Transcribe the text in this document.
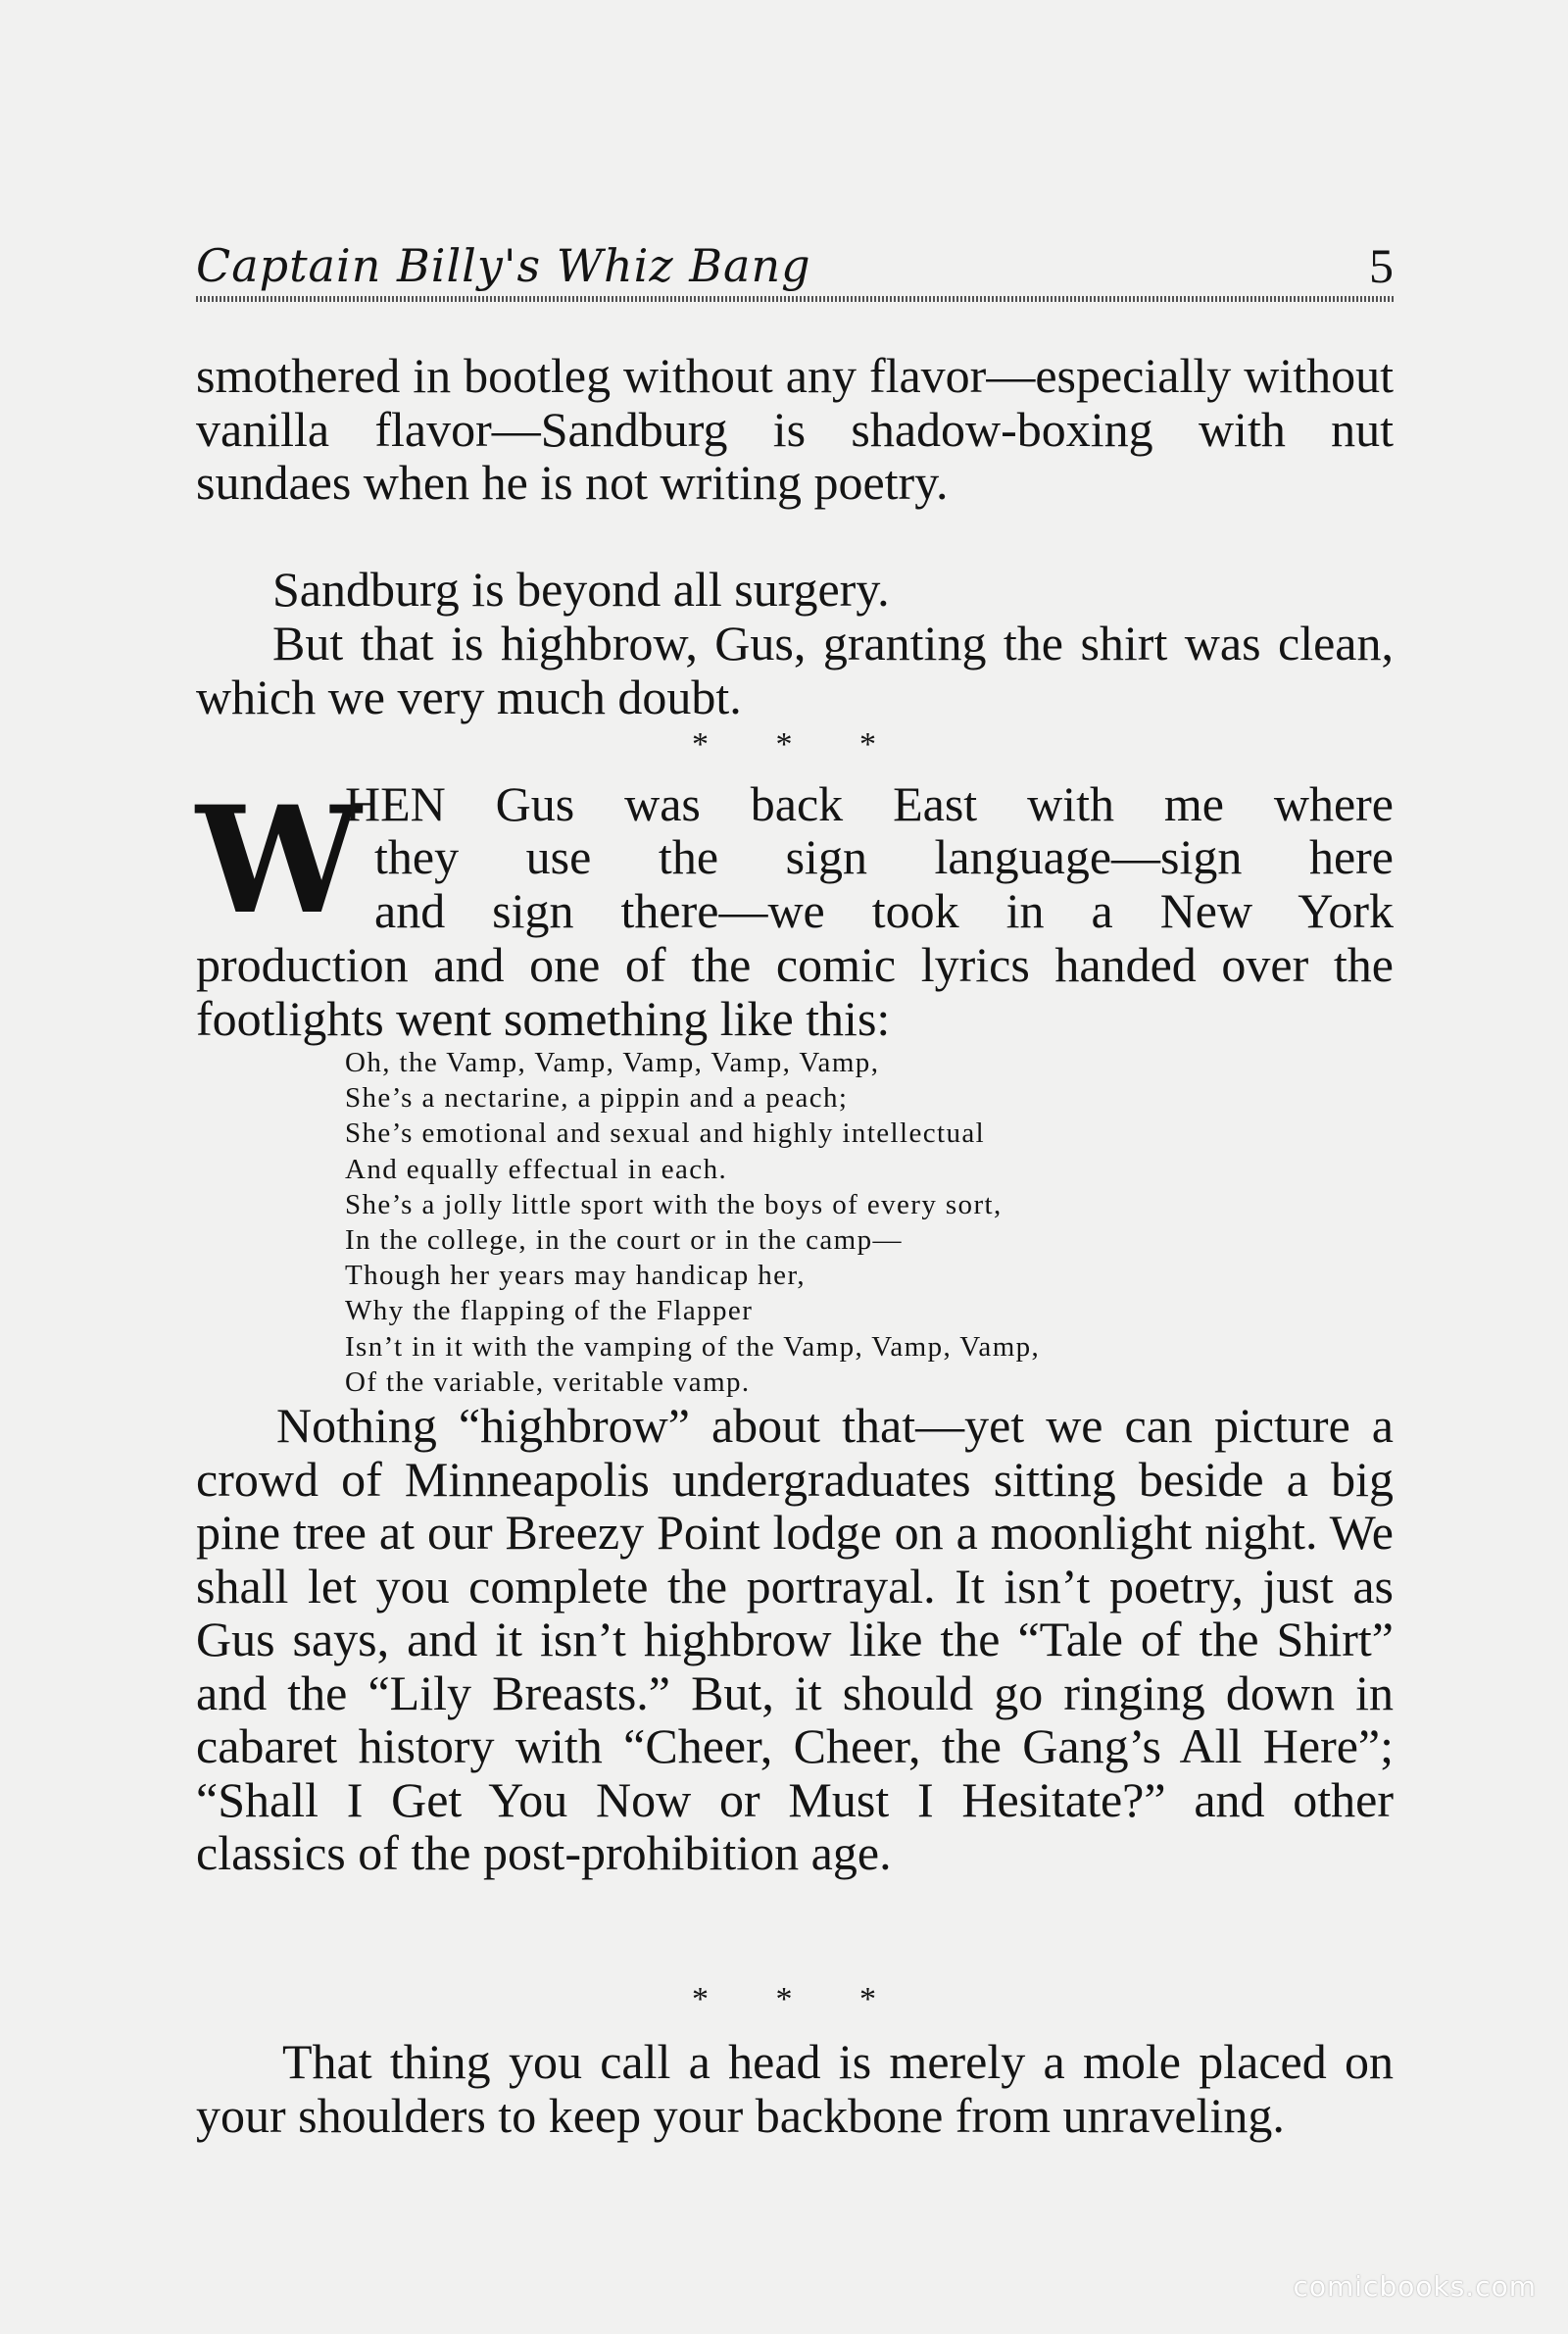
Captain Billy's Whiz Bang	5

smothered in bootleg without any flavor—especially without vanilla flavor—Sandburg is shadow-boxing with nut sundaes when he is not writing poetry.

Sandburg is beyond all surgery.

But that is highbrow, Gus, granting the shirt was clean, which we very much doubt.

* * *
W

HEN Gus was back East with me where

they use the sign language—sign here

and sign there—we took in a New York

production and one of the comic lyrics handed over the footlights went something like this:

Oh, the Vamp, Vamp, Vamp, Vamp, Vamp,
She’s a nectarine, a pippin and a peach;
She’s emotional and sexual and highly intellectual
And equally effectual in each.
She’s a jolly little sport with the boys of every sort,
In the college, in the court or in the camp—
Though her years may handicap her,
Why the flapping of the Flapper
Isn’t in it with the vamping of the Vamp, Vamp, Vamp,
Of the variable, veritable vamp.

Nothing “highbrow” about that—yet we can picture a crowd of Minneapolis undergraduates sitting beside a big pine tree at our Breezy Point lodge on a moonlight night. We shall let you complete the portrayal. It isn’t poetry, just as Gus says, and it isn’t highbrow like the “Tale of the Shirt” and the “Lily Breasts.” But, it should go ringing down in cabaret history with “Cheer, Cheer, the Gang’s All Here”; “Shall I Get You Now or Must I Hesitate?” and other classics of the post-prohibition age.

* * *

That thing you call a head is merely a mole placed on your shoulders to keep your backbone from unraveling.

comicbooks.com
